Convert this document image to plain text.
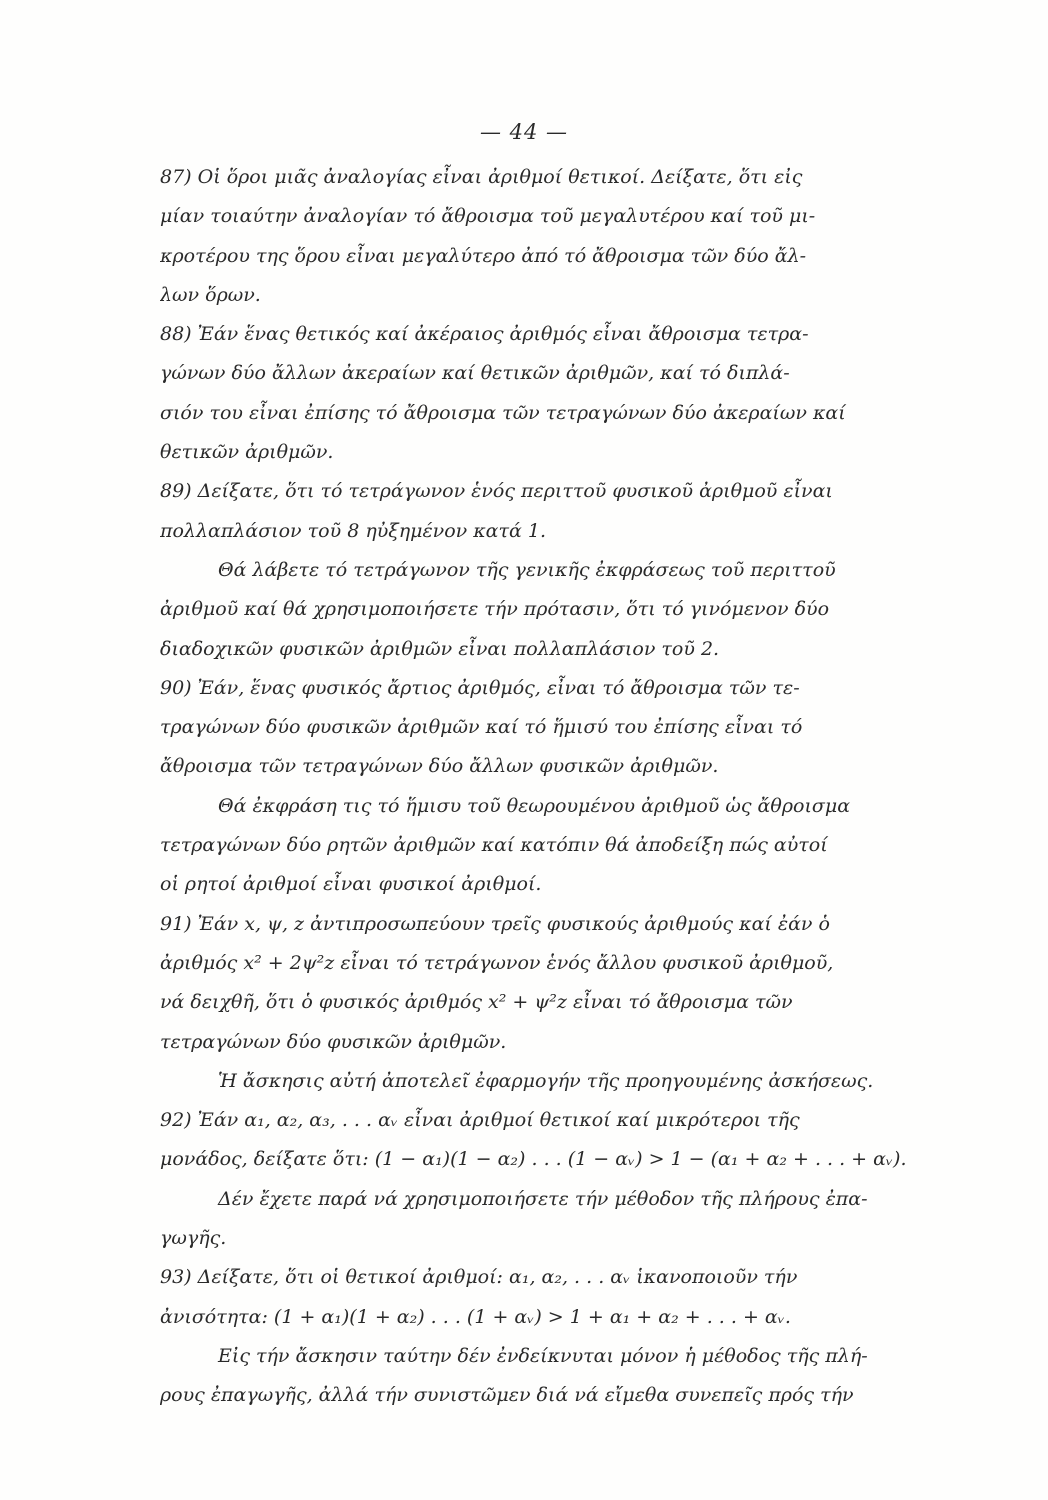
— 44 —
87) Οἱ ὅροι μιᾶς ἀναλογίας εἶναι ἀριθμοί θετικοί. Δείξατε, ὅτι εἰς
μίαν τοιαύτην ἀναλογίαν τό ἄθροισμα τοῦ μεγαλυτέρου καί τοῦ μι-
κροτέρου της ὅρου εἶναι μεγαλύτερο ἀπό τό ἄθροισμα τῶν δύο ἄλ-
λων ὅρων.
88) Ἐάν ἕνας θετικός καί ἀκέραιος ἀριθμός εἶναι ἄθροισμα τετρα-
γώνων δύο ἄλλων ἀκεραίων καί θετικῶν ἀριθμῶν, καί τό διπλά-
σιόν του εἶναι ἐπίσης τό ἄθροισμα τῶν τετραγώνων δύο ἀκεραίων καί
θετικῶν ἀριθμῶν.
89) Δείξατε, ὅτι τό τετράγωνον ἑνός περιττοῦ φυσικοῦ ἀριθμοῦ εἶναι
πολλαπλάσιον τοῦ 8 ηὐξημένον κατά 1.
Θά λάβετε τό τετράγωνον τῆς γενικῆς ἐκφράσεως τοῦ περιττοῦ
ἀριθμοῦ καί θά χρησιμοποιήσετε τήν πρότασιν, ὅτι τό γινόμενον δύο
διαδοχικῶν φυσικῶν ἀριθμῶν εἶναι πολλαπλάσιον τοῦ 2.
90) Ἐάν, ἕνας φυσικός ἄρτιος ἀριθμός, εἶναι τό ἄθροισμα τῶν τε-
τραγώνων δύο φυσικῶν ἀριθμῶν καί τό ἥμισύ του ἐπίσης εἶναι τό
ἄθροισμα τῶν τετραγώνων δύο ἄλλων φυσικῶν ἀριθμῶν.
Θά ἐκφράση τις τό ἥμισυ τοῦ θεωρουμένου ἀριθμοῦ ὡς ἄθροισμα
τετραγώνων δύο ρητῶν ἀριθμῶν καί κατόπιν θά ἀποδείξη πώς αὐτοί
οἱ ρητοί ἀριθμοί εἶναι φυσικοί ἀριθμοί.
91) Ἐάν x, ψ, z ἀντιπροσωπεύουν τρεῖς φυσικούς ἀριθμούς καί ἐάν ὁ
ἀριθμός x² + 2ψ²z εἶναι τό τετράγωνον ἑνός ἄλλου φυσικοῦ ἀριθμοῦ,
νά δειχθῆ, ὅτι ὁ φυσικός ἀριθμός x² + ψ²z εἶναι τό ἄθροισμα τῶν
τετραγώνων δύο φυσικῶν ἀριθμῶν.
Ἡ ἄσκησις αὐτή ἀποτελεῖ ἐφαρμογήν τῆς προηγουμένης ἀσκήσεως.
92) Ἐάν α₁, α₂, α₃, . . . αᵥ εἶναι ἀριθμοί θετικοί καί μικρότεροι τῆς
μονάδος, δείξατε ὅτι: (1 − α₁)(1 − α₂) . . . (1 − αᵥ) > 1 − (α₁ + α₂ + . . . + αᵥ).
Δέν ἔχετε παρά νά χρησιμοποιήσετε τήν μέθοδον τῆς πλήρους ἐπα-
γωγῆς.
93) Δείξατε, ὅτι οἱ θετικοί ἀριθμοί: α₁, α₂, . . . αᵥ ἱκανοποιοῦν τήν
ἀνισότητα: (1 + α₁)(1 + α₂) . . . (1 + αᵥ) > 1 + α₁ + α₂ + . . . + αᵥ.
Εἰς τήν ἄσκησιν ταύτην δέν ἐνδείκνυται μόνον ἡ μέθοδος τῆς πλή-
ρους ἐπαγωγῆς, ἀλλά τήν συνιστῶμεν διά νά εἴμεθα συνεπεῖς πρός τήν
